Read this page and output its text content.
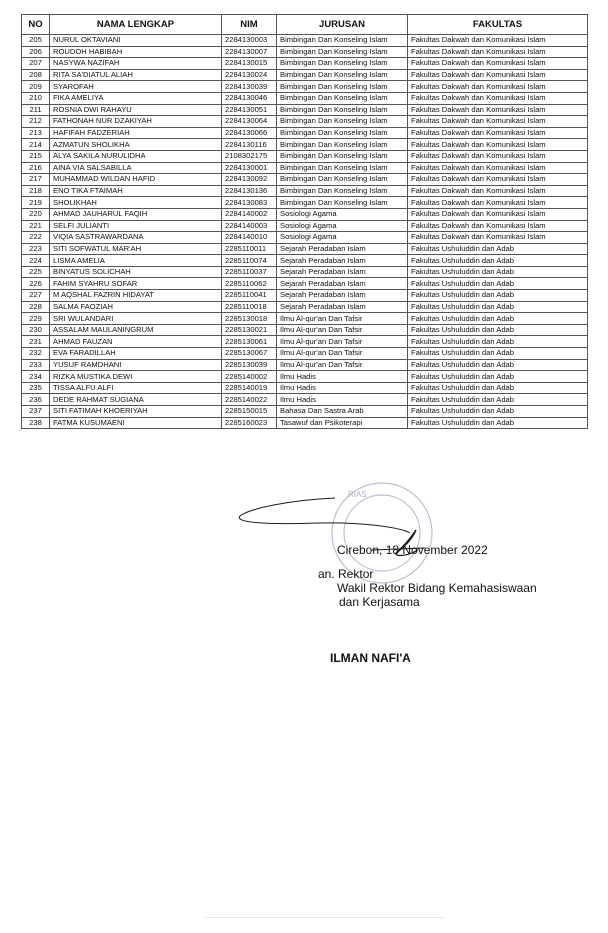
NO	NAMA LENGKAP	NIM	JURUSAN	FAKULTAS
205	NURUL OKTAVIANI	2284130003	Bimbingan Dan Konseling Islam	Fakultas Dakwah dan Komunikasi Islam
206	ROUDOH HABIBAH	2284130007	Bimbingan Dan Konseling Islam	Fakultas Dakwah dan Komunikasi Islam
207	NASYWA NAZIFAH	2284130015	Bimbingan Dan Konseling Islam	Fakultas Dakwah dan Komunikasi Islam
208	RITA SA'DIATUL ALIAH	2284130024	Bimbingan Dan Konseling Islam	Fakultas Dakwah dan Komunikasi Islam
209	SYAROFAH	2284130039	Bimbingan Dan Konseling Islam	Fakultas Dakwah dan Komunikasi Islam
210	FIKA AMELIYA	2284130046	Bimbingan Dan Konseling Islam	Fakultas Dakwah dan Komunikasi Islam
211	ROSNIA DWI RAHAYU	2284130051	Bimbingan Dan Konseling Islam	Fakultas Dakwah dan Komunikasi Islam
212	FATHONAH NUR DZAKIYAH	2284130064	Bimbingan Dan Konseling Islam	Fakultas Dakwah dan Komunikasi Islam
213	HAFIFAH FADZERIAH	2284130066	Bimbingan Dan Konseling Islam	Fakultas Dakwah dan Komunikasi Islam
214	AZMATUN SHOLIKHA	2284130116	Bimbingan Dan Konseling Islam	Fakultas Dakwah dan Komunikasi Islam
215	ALYA SAKILA NURULIDHA	2108302175	Bimbingan Dan Konseling Islam	Fakultas Dakwah dan Komunikasi Islam
216	AINA VIA SALSABILLA	2284130001	Bimbingan Dan Konseling Islam	Fakultas Dakwah dan Komunikasi Islam
217	MUHAMMAD WILDAN HAFID	2284130092	Bimbingan Dan Konseling Islam	Fakultas Dakwah dan Komunikasi Islam
218	ENO TIKA FTAIMAH	2284130136	Bimbingan Dan Konseling Islam	Fakultas Dakwah dan Komunikasi Islam
219	SHOLIKHAH	2284130083	Bimbingan Dan Konseling Islam	Fakultas Dakwah dan Komunikasi Islam
220	AHMAD JAUHARUL FAQIH	2284140002	Sosiologi Agama	Fakultas Dakwah dan Komunikasi Islam
221	SELFI JULIANTI	2284140003	Sosiologi Agama	Fakultas Dakwah dan Komunikasi Islam
222	VIQIA SASTRAWARDANA	2284140010	Sosiologi Agama	Fakultas Dakwah dan Komunikasi Islam
223	SITI SOFWATUL MAR'AH	2285110011	Sejarah Peradaban Islam	Fakultas Ushuluddin dan Adab
224	LISMA AMELIA	2285110074	Sejarah Peradaban Islam	Fakultas Ushuluddin dan Adab
225	BINYATUS SOLICHAH	2285110037	Sejarah Peradaban Islam	Fakultas Ushuluddin dan Adab
226	FAHIM SYAHRU SOFAR	2285110062	Sejarah Peradaban Islam	Fakultas Ushuluddin dan Adab
227	M AQSHAL FAZRIN HIDAYAT	2285110041	Sejarah Peradaban Islam	Fakultas Ushuluddin dan Adab
228	SALMA FAOZIAH	2285110018	Sejarah Peradaban Islam	Fakultas Ushuluddin dan Adab
229	SRI WULANDARI	2285130018	Ilmu Al-qur'an Dan Tafsir	Fakultas Ushuluddin dan Adab
230	ASSALAM MAULANINGRUM	2285130021	Ilmu Al-qur'an Dan Tafsir	Fakultas Ushuluddin dan Adab
231	AHMAD FAUZAN	2285130061	Ilmu Al-qur'an Dan Tafsir	Fakultas Ushuluddin dan Adab
232	EVA FARADILLAH	2285130067	Ilmu Al-qur'an Dan Tafsir	Fakultas Ushuluddin dan Adab
233	YUSUF RAMDHANI	2285130039	Ilmu Al-qur'an Dan Tafsir	Fakultas Ushuluddin dan Adab
234	RIZKA MUSTIKA DEWI	2285140002	Ilmu Hadis	Fakultas Ushuluddin dan Adab
235	TISSA ALFU ALFI	2285140019	Ilmu Hadis	Fakultas Ushuluddin dan Adab
236	DEDE RAHMAT SUGIANA	2285140022	Ilmu Hadis	Fakultas Ushuluddin dan Adab
237	SITI FATIMAH KHOERIYAH	2285150015	Bahasa Dan Sastra Arab	Fakultas Ushuluddin dan Adab
238	FATMA KUSUMAENI	2285160023	Tasawuf dan Psikoterapi	Fakultas Ushuluddin dan Adab
RIAS
Cirebon, 18 November 2022
an. Rektor
Wakil Rektor Bidang Kemahasiswaan
dan Kerjasama
ILMAN NAFI'A
